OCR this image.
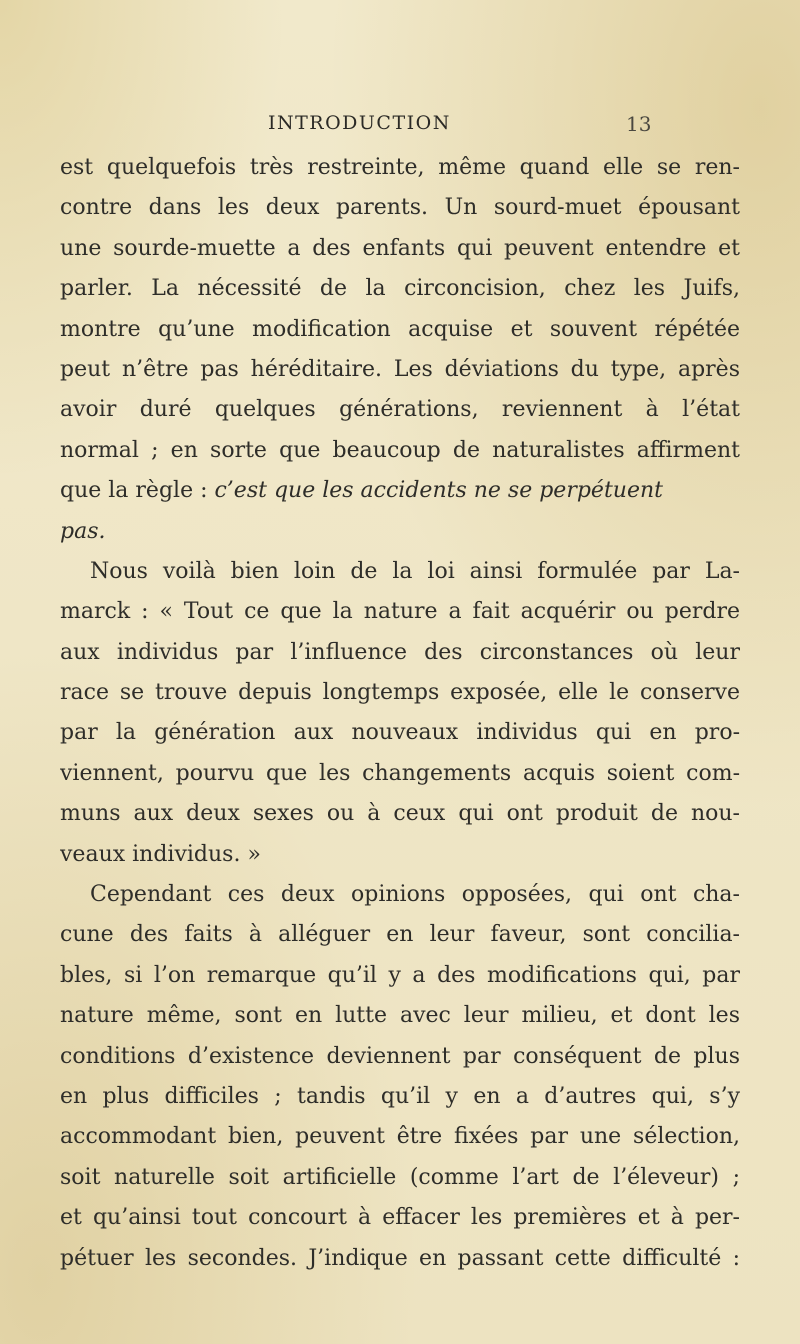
INTRODUCTION	13
est quelquefois très restreinte, même quand elle se ren-
contre dans les deux parents. Un sourd-muet épousant
une sourde-muette a des enfants qui peuvent entendre et
parler. La nécessité de la circoncision, chez les Juifs,
montre qu’une modification acquise et souvent répétée
peut n’être pas héréditaire. Les déviations du type, après
avoir duré quelques générations, reviennent à l’état
normal ; en sorte que beaucoup de naturalistes affirment
que la règle : c’est que les accidents ne se perpétuent
pas.
Nous voilà bien loin de la loi ainsi formulée par La-
marck : « Tout ce que la nature a fait acquérir ou perdre
aux individus par l’influence des circonstances où leur
race se trouve depuis longtemps exposée, elle le conserve
par la génération aux nouveaux individus qui en pro-
viennent, pourvu que les changements acquis soient com-
muns aux deux sexes ou à ceux qui ont produit de nou-
veaux individus. »
Cependant ces deux opinions opposées, qui ont cha-
cune des faits à alléguer en leur faveur, sont concilia-
bles, si l’on remarque qu’il y a des modifications qui, par
nature même, sont en lutte avec leur milieu, et dont les
conditions d’existence deviennent par conséquent de plus
en plus difficiles ; tandis qu’il y en a d’autres qui, s’y
accommodant bien, peuvent être fixées par une sélection,
soit naturelle soit artificielle (comme l’art de l’éleveur) ;
et qu’ainsi tout concourt à effacer les premières et à per-
pétuer les secondes. J’indique en passant cette difficulté :
